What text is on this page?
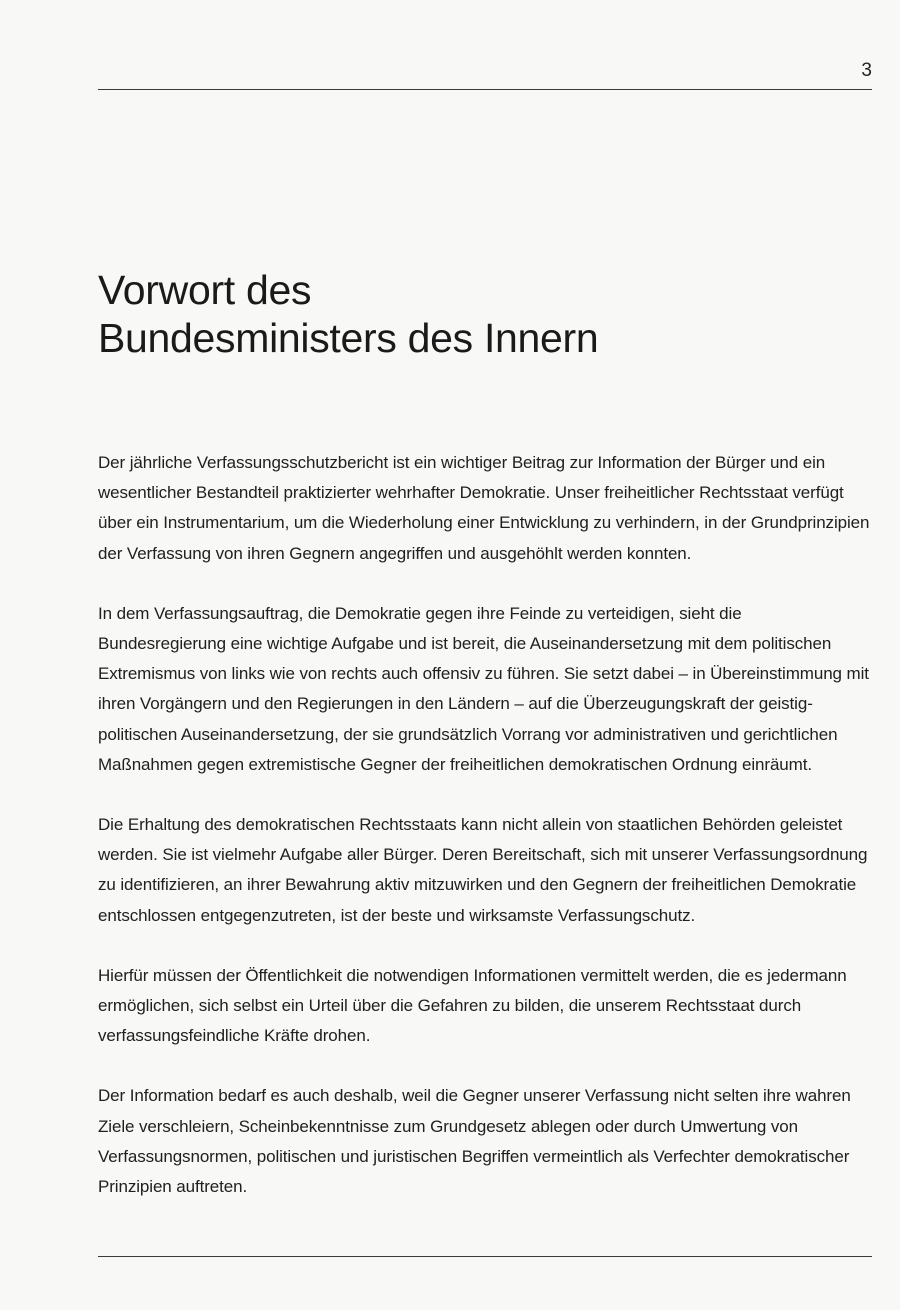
3
Vorwort des
Bundesministers des Innern

Der jährliche Verfassungsschutzbericht ist ein wichtiger Beitrag zur Information der Bürger und ein wesentlicher Bestandteil praktizierter wehrhafter Demokratie. Unser freiheitlicher Rechtsstaat verfügt über ein Instrumentarium, um die Wiederholung einer Entwicklung zu verhindern, in der Grundprinzipien der Verfassung von ihren Gegnern angegriffen und ausgehöhlt werden konnten.

In dem Verfassungsauftrag, die Demokratie gegen ihre Feinde zu verteidigen, sieht die Bundesregierung eine wichtige Aufgabe und ist bereit, die Auseinandersetzung mit dem politischen Extremismus von links wie von rechts auch offensiv zu führen. Sie setzt dabei – in Übereinstimmung mit ihren Vorgängern und den Regierungen in den Ländern – auf die Überzeugungskraft der geistig-politischen Auseinandersetzung, der sie grundsätzlich Vorrang vor administrativen und gerichtlichen Maßnahmen gegen extremistische Gegner der freiheitlichen demokratischen Ordnung einräumt.

Die Erhaltung des demokratischen Rechtsstaats kann nicht allein von staatlichen Behörden geleistet werden. Sie ist vielmehr Aufgabe aller Bürger. Deren Bereitschaft, sich mit unserer Verfassungsordnung zu identifizieren, an ihrer Bewahrung aktiv mitzuwirken und den Gegnern der freiheitlichen Demokratie entschlossen entgegenzutreten, ist der beste und wirksamste Verfassungschutz.

Hierfür müssen der Öffentlichkeit die notwendigen Informationen vermittelt werden, die es jedermann ermöglichen, sich selbst ein Urteil über die Gefahren zu bilden, die unserem Rechtsstaat durch verfassungsfeindliche Kräfte drohen.

Der Information bedarf es auch deshalb, weil die Gegner unserer Verfassung nicht selten ihre wahren Ziele verschleiern, Scheinbekenntnisse zum Grundgesetz ablegen oder durch Umwertung von Verfassungsnormen, politischen und juristischen Begriffen vermeintlich als Verfechter demokratischer Prinzipien auftreten.
